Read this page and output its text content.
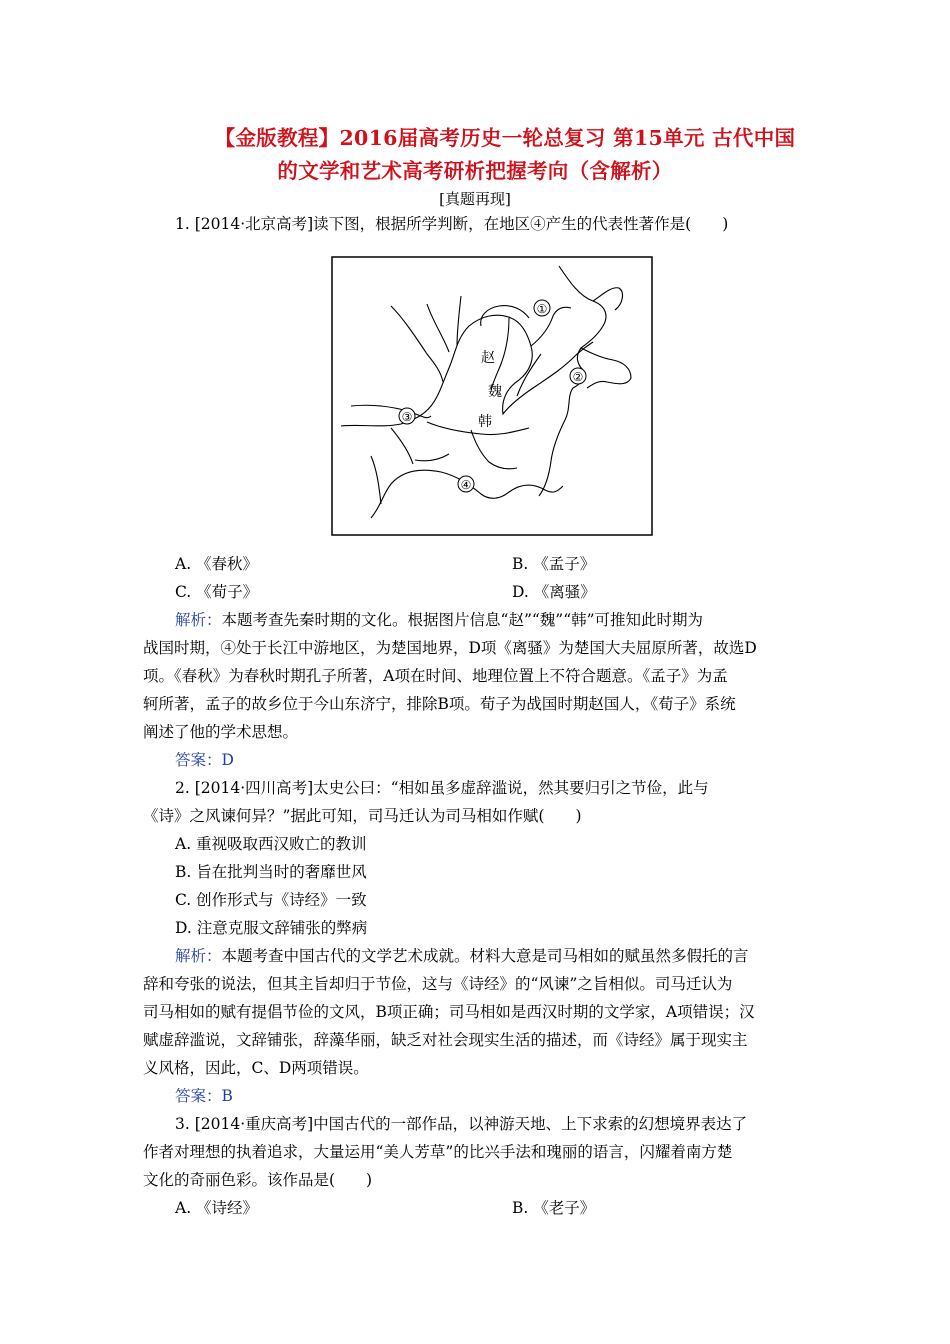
【金版教程】2016届高考历史一轮总复习 第15单元 古代中国
的文学和艺术高考研析把握考向（含解析）
[真题再现]
1. [2014·北京高考]读下图，根据所学判断，在地区④产生的代表性著作是(　　)
①
②
③
④
赵
魏
韩
A. 《春秋》	B. 《孟子》
C. 《荀子》	D. 《离骚》
解析：本题考查先秦时期的文化。根据图片信息“赵”“魏”“韩”可推知此时期为
战国时期，④处于长江中游地区，为楚国地界，D项《离骚》为楚国大夫屈原所著，故选D
项。《春秋》为春秋时期孔子所著，A项在时间、地理位置上不符合题意。《孟子》为孟
轲所著，孟子的故乡位于今山东济宁，排除B项。荀子为战国时期赵国人，《荀子》系统
阐述了他的学术思想。
答案：D
2. [2014·四川高考]太史公曰：“相如虽多虚辞滥说，然其要归引之节俭，此与
《诗》之风谏何异？”据此可知，司马迁认为司马相如作赋(　　)
A. 重视吸取西汉败亡的教训
B. 旨在批判当时的奢靡世风
C. 创作形式与《诗经》一致
D. 注意克服文辞铺张的弊病
解析：本题考查中国古代的文学艺术成就。材料大意是司马相如的赋虽然多假托的言
辞和夸张的说法，但其主旨却归于节俭，这与《诗经》的“风谏”之旨相似。司马迁认为
司马相如的赋有提倡节俭的文风，B项正确；司马相如是西汉时期的文学家，A项错误；汉
赋虚辞滥说，文辞铺张，辞藻华丽，缺乏对社会现实生活的描述，而《诗经》属于现实主
义风格，因此，C、D两项错误。
答案：B
3. [2014·重庆高考]中国古代的一部作品，以神游天地、上下求索的幻想境界表达了
作者对理想的执着追求，大量运用“美人芳草”的比兴手法和瑰丽的语言，闪耀着南方楚
文化的奇丽色彩。该作品是(　　)
A. 《诗经》	B. 《老子》
